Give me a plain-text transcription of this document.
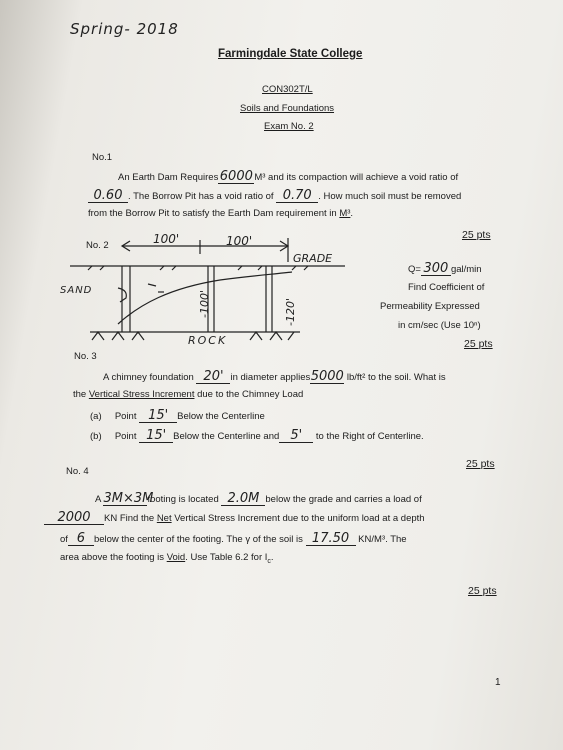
Spring- 2018
Farmingdale State College
CON302T/L
Soils and Foundations
Exam No. 2
No.1
An Earth Dam Requires6000M³ and its compaction will achieve a void ratio of
0.60 . The Borrow Pit has a void ratio of 0.70 . How much soil must be removed
from the Borrow Pit to satisfy the Earth Dam requirement in M³.
25 pts
No. 2	100'	100'
GRADE
SAND
ROCK
-100'	-120'
Q= 300 gal/min
Find Coefficient of
Permeability Expressed
in cm/sec (Use 10ⁿ)
25 pts
No. 3
A chimney foundation 20' in diameter applies5000 lb/ft² to the soil. What is
the Vertical Stress Increment due to the Chimney Load
(a) Point 15' Below the Centerline
(b) Point 15' Below the Centerline and 5' to the Right of Centerline.
25 pts
No. 4
A 3M×3Mfooting is located 2.0M below the grade and carries a load of
2000 KN Find the Net Vertical Stress Increment due to the uniform load at a depth
of 6 below the center of the footing. The γ of the soil is 17.50 KN/M³. The
area above the footing is Void. Use Table 6.2 for $I_c$.
25 pts
1
